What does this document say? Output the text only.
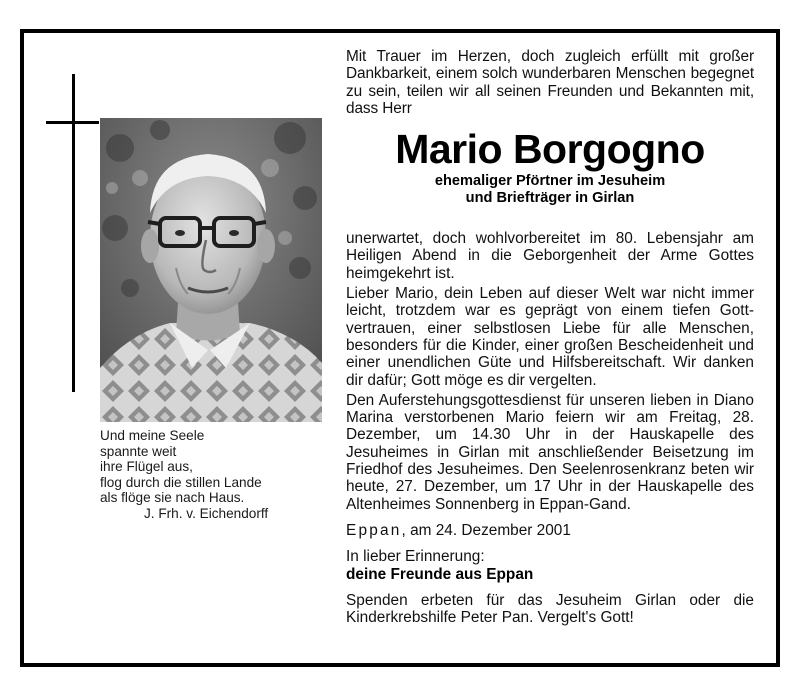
Und meine Seele
spannte weit
ihre Flügel aus,
flog durch die stillen Lande
als flöge sie nach Haus.
J. Frh. v. Eichendorff

Mit Trauer im Herzen, doch zugleich erfüllt mit großer Dankbarkeit, einem solch wunderbaren Menschen begegnet zu sein, teilen wir all seinen Freunden und Bekannten mit, dass Herr

Mario Borgogno
ehemaliger Pförtner im Jesuheim
und Briefträger in Girlan

unerwartet, doch wohlvorbereitet im 80. Lebensjahr am Heiligen Abend in die Geborgenheit der Arme Gottes heimgekehrt ist.

Lieber Mario, dein Leben auf dieser Welt war nicht immer leicht, trotzdem war es geprägt von einem tiefen Gottvertrauen, einer selbstlosen Liebe für alle Menschen, besonders für die Kinder, einer großen Bescheidenheit und einer unendlichen Güte und Hilfsbereitschaft. Wir danken dir dafür; Gott möge es dir vergelten.

Den Auferstehungsgottesdienst für unseren lieben in Diano Marina verstorbenen Mario feiern wir am Freitag, 28. Dezember, um 14.30 Uhr in der Hauskapelle des Jesuheimes in Girlan mit anschließender Beisetzung im Friedhof des Jesuheimes. Den Seelenrosenkranz beten wir heute, 27. Dezember, um 17 Uhr in der Hauskapelle des Altenheimes Sonnenberg in Eppan-Gand.

Eppan, am 24. Dezember 2001

In lieber Erinnerung:
deine Freunde aus Eppan

Spenden erbeten für das Jesuheim Girlan oder die Kinderkrebshilfe Peter Pan. Vergelt's Gott!
